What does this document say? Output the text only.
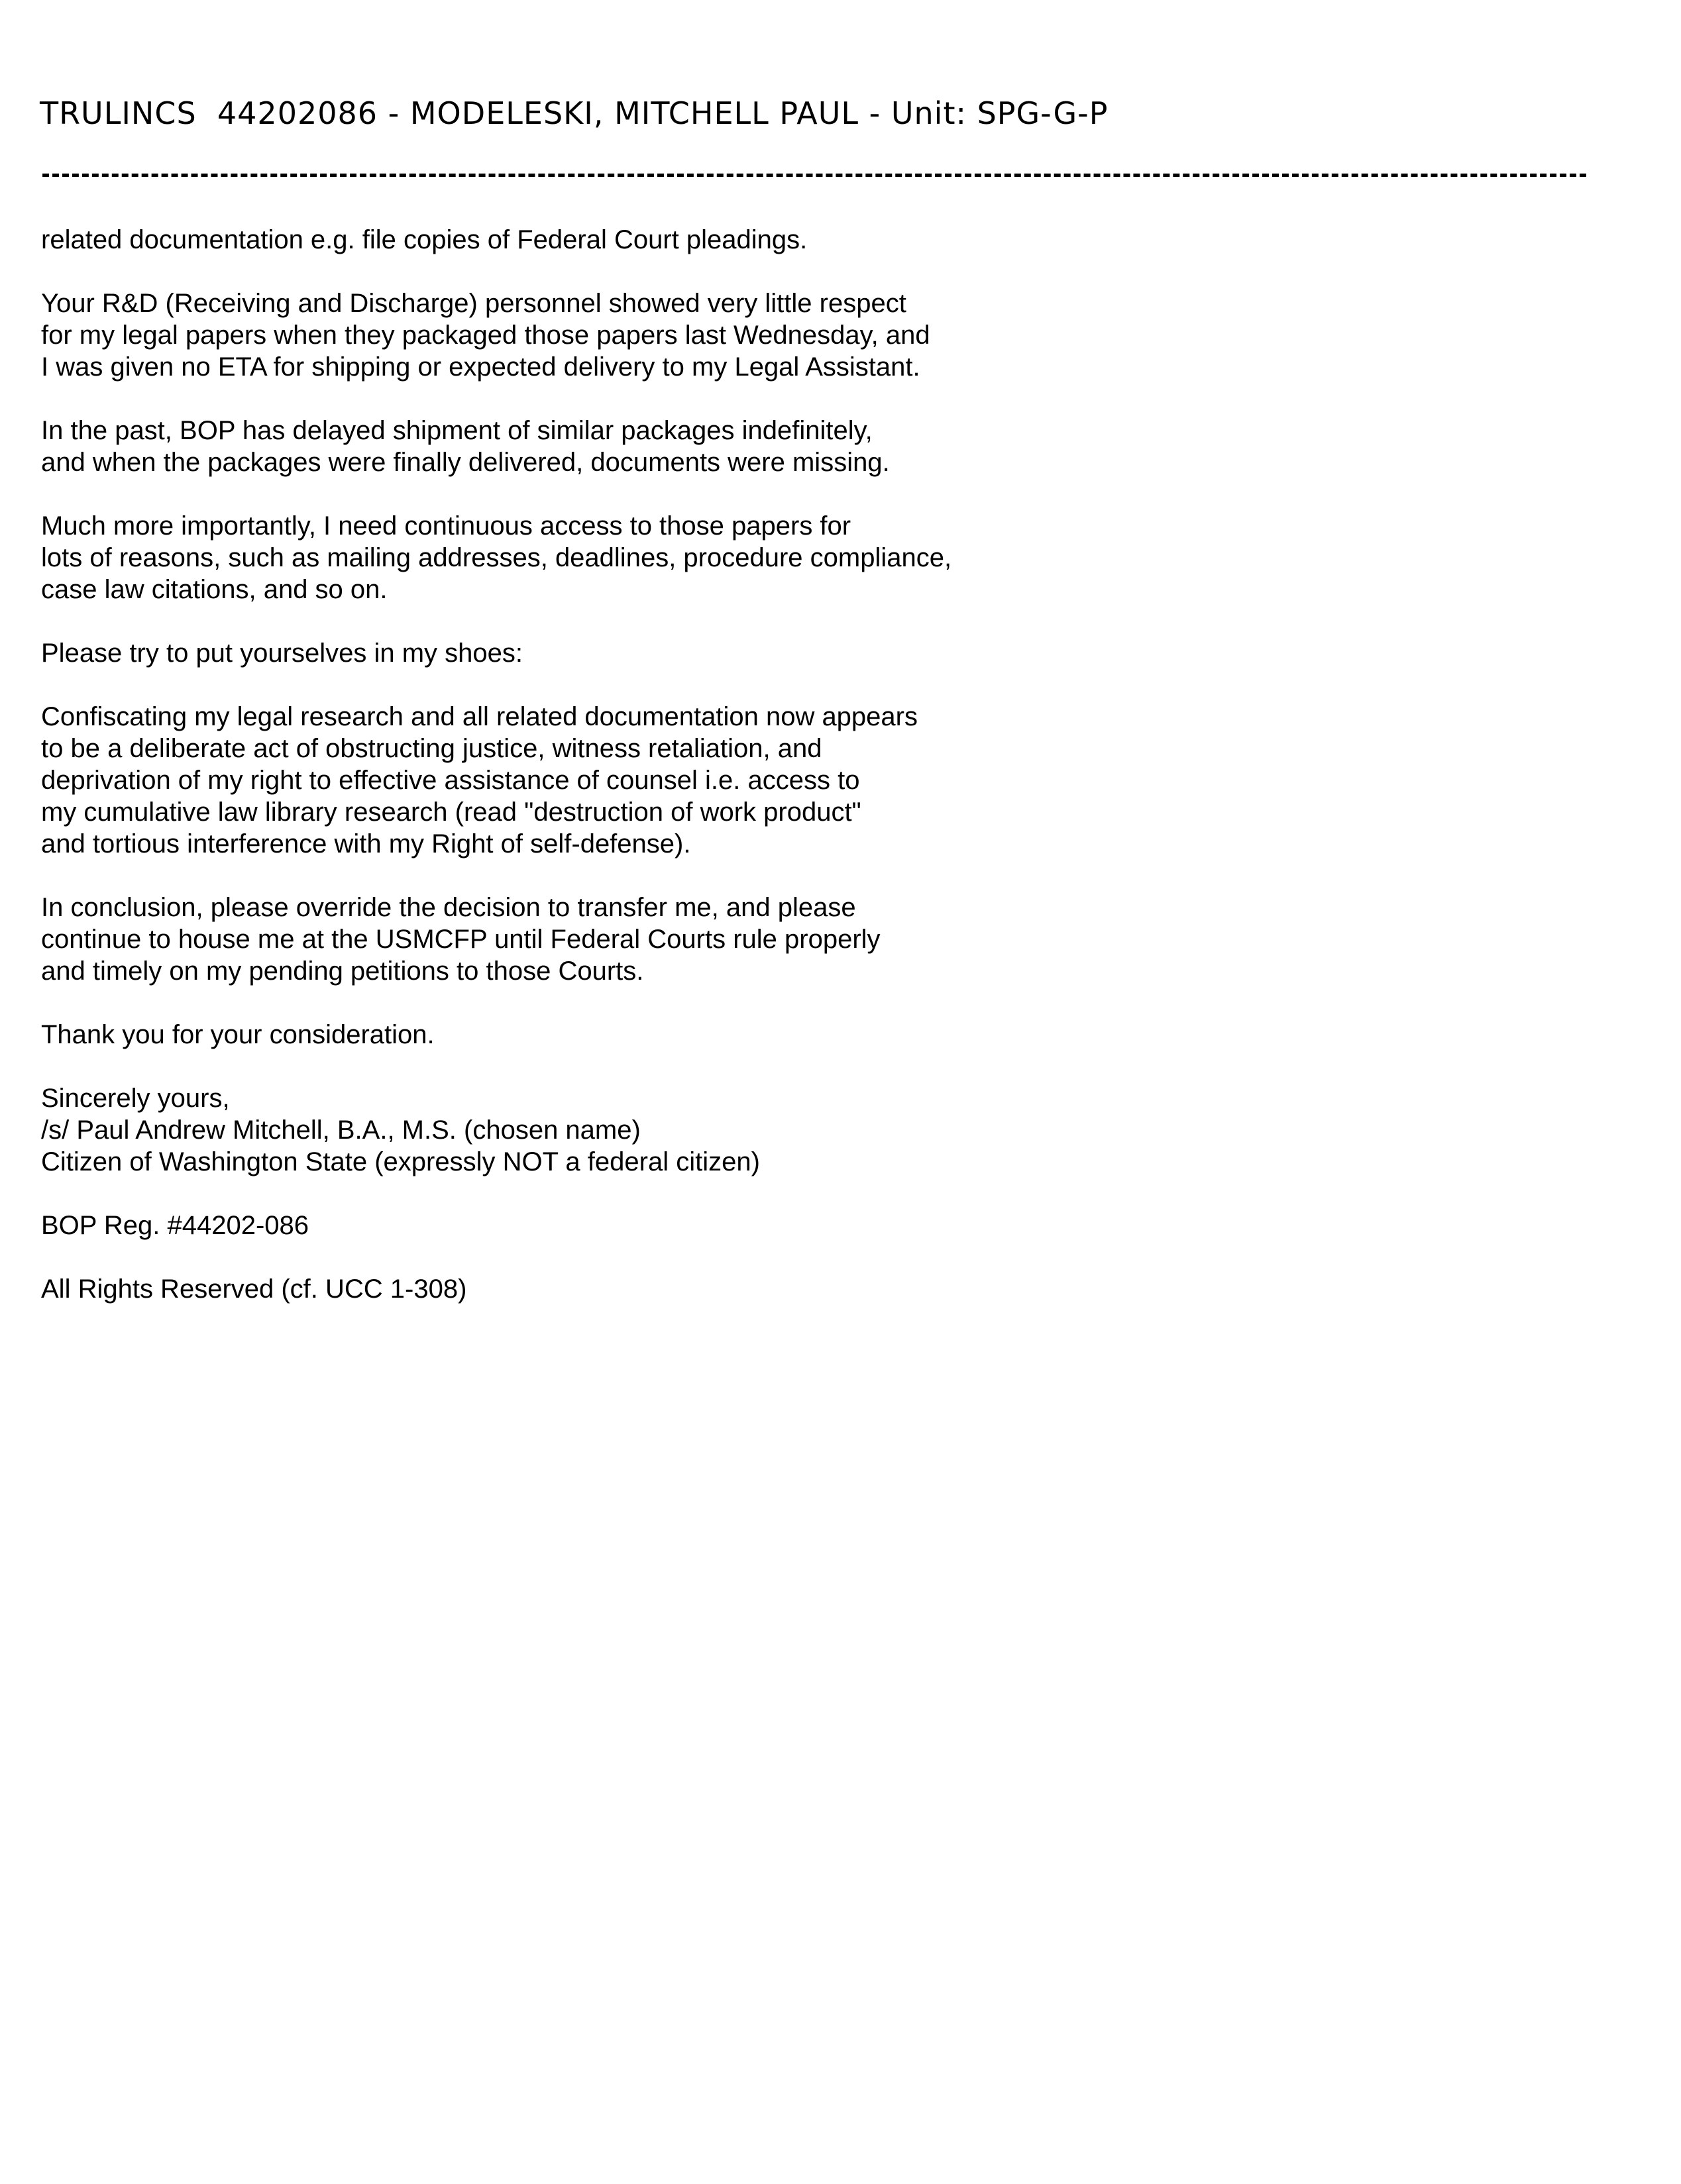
TRULINCS  44202086 - MODELESKI, MITCHELL PAUL - Unit: SPG-G-P
related documentation e.g. file copies of Federal Court pleadings.
Your R&D (Receiving and Discharge) personnel showed very little respect
for my legal papers when they packaged those papers last Wednesday, and
I was given no ETA for shipping or expected delivery to my Legal Assistant.
In the past, BOP has delayed shipment of similar packages indefinitely,
and when the packages were finally delivered, documents were missing.
Much more importantly, I need continuous access to those papers for
lots of reasons, such as mailing addresses, deadlines, procedure compliance,
case law citations, and so on.
Please try to put yourselves in my shoes:
Confiscating my legal research and all related documentation now appears
to be a deliberate act of obstructing justice, witness retaliation, and
deprivation of my right to effective assistance of counsel i.e. access to
my cumulative law library research (read "destruction of work product"
and tortious interference with my Right of self-defense).
In conclusion, please override the decision to transfer me, and please
continue to house me at the USMCFP until Federal Courts rule properly
and timely on my pending petitions to those Courts.
Thank you for your consideration.
Sincerely yours,
/s/ Paul Andrew Mitchell, B.A., M.S. (chosen name)
Citizen of Washington State (expressly NOT a federal citizen)
BOP Reg. #44202-086
All Rights Reserved (cf. UCC 1-308)
